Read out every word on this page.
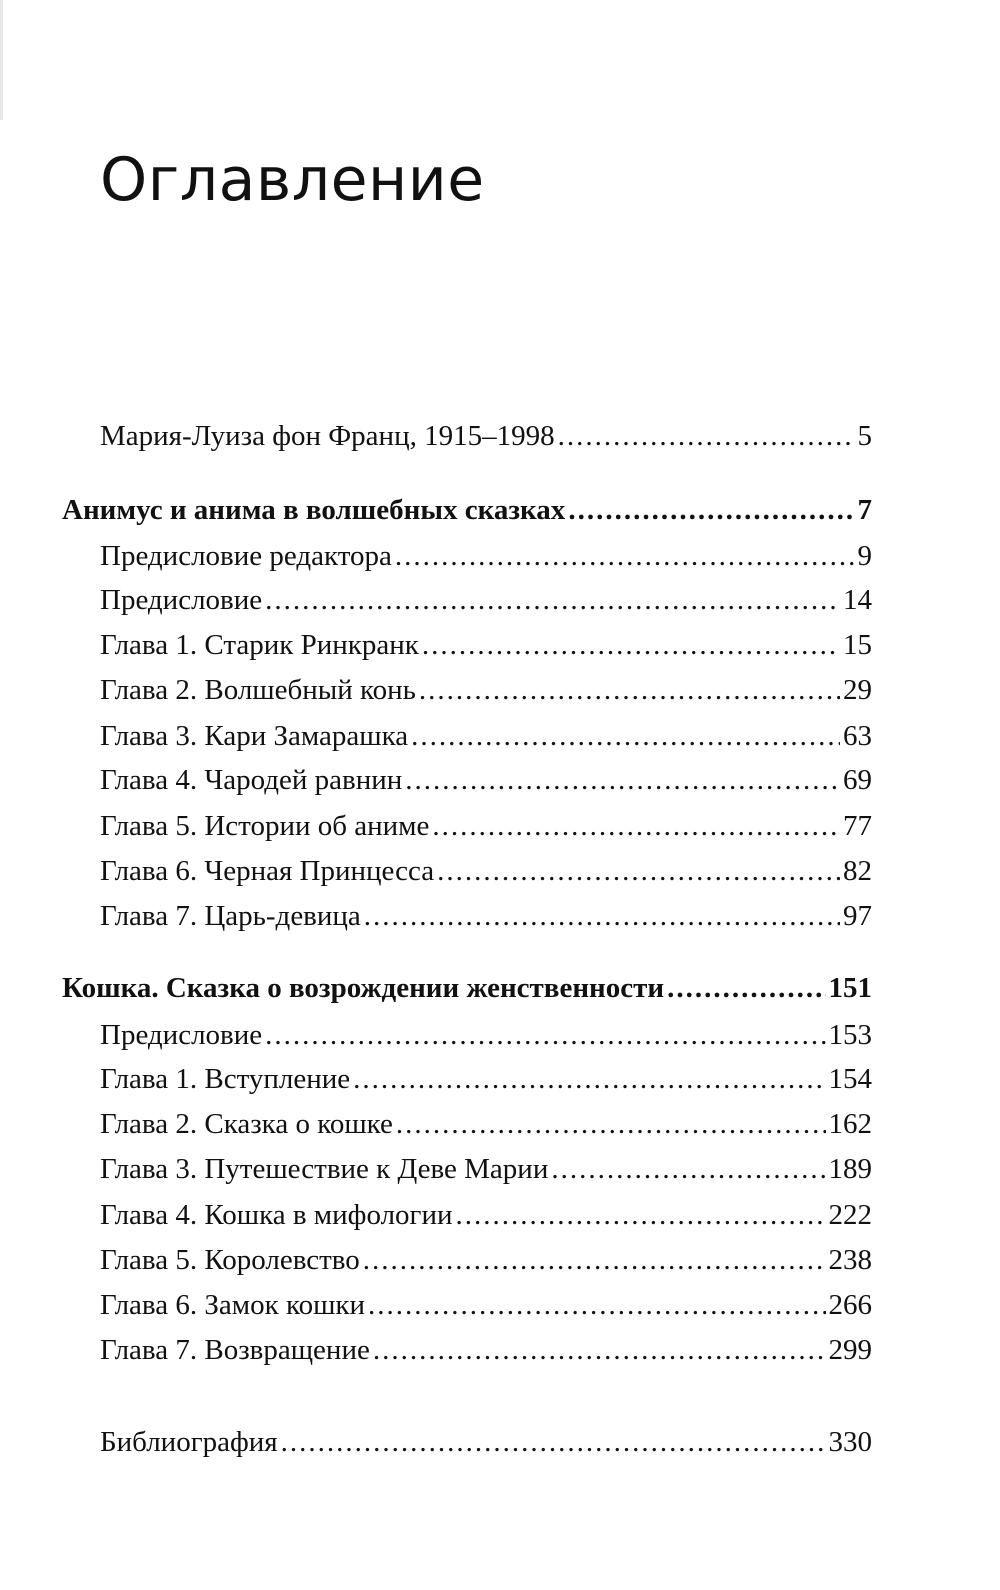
Оглавление
Мария-Луиза фон Франц, 1915–1998 .....	5
Анимус и анима в волшебных сказках .....	7
Предисловие редактора .....	9
Предисловие .....	14
Глава 1. Старик Ринкранк .....	15
Глава 2. Волшебный конь .....	29
Глава 3. Кари Замарашка .....	63
Глава 4. Чародей равнин .....	69
Глава 5. Истории об аниме .....	77
Глава 6. Черная Принцесса .....	82
Глава 7. Царь-девица .....	97
Кошка. Сказка о возрождении женственности .....	151
Предисловие .....	153
Глава 1. Вступление .....	154
Глава 2. Сказка о кошке .....	162
Глава 3. Путешествие к Деве Марии .....	189
Глава 4. Кошка в мифологии .....	222
Глава 5. Королевство .....	238
Глава 6. Замок кошки .....	266
Глава 7. Возвращение .....	299
Библиография .....	330
